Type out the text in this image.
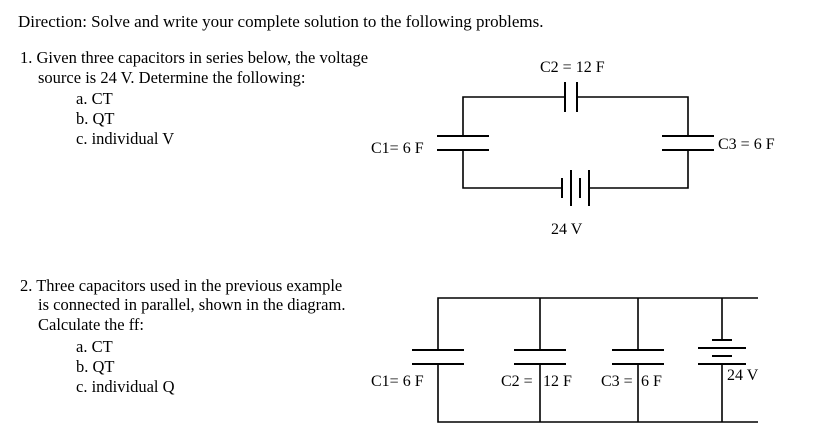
Direction: Solve and write your complete solution to the following problems.
1. Given three capacitors in series below, the voltage
source is 24 V. Determine the following:
a. CT
b. QT
c. individual V
2. Three capacitors used in the previous example
is connected in parallel, shown in the diagram.
Calculate the ff:
a. CT
b. QT
c. individual Q
C1= 6 F
C2 = 12 F
C3 = 6 F
24 V
C1= 6 F	C2 = 12 F C3 = 6 F	24 V
